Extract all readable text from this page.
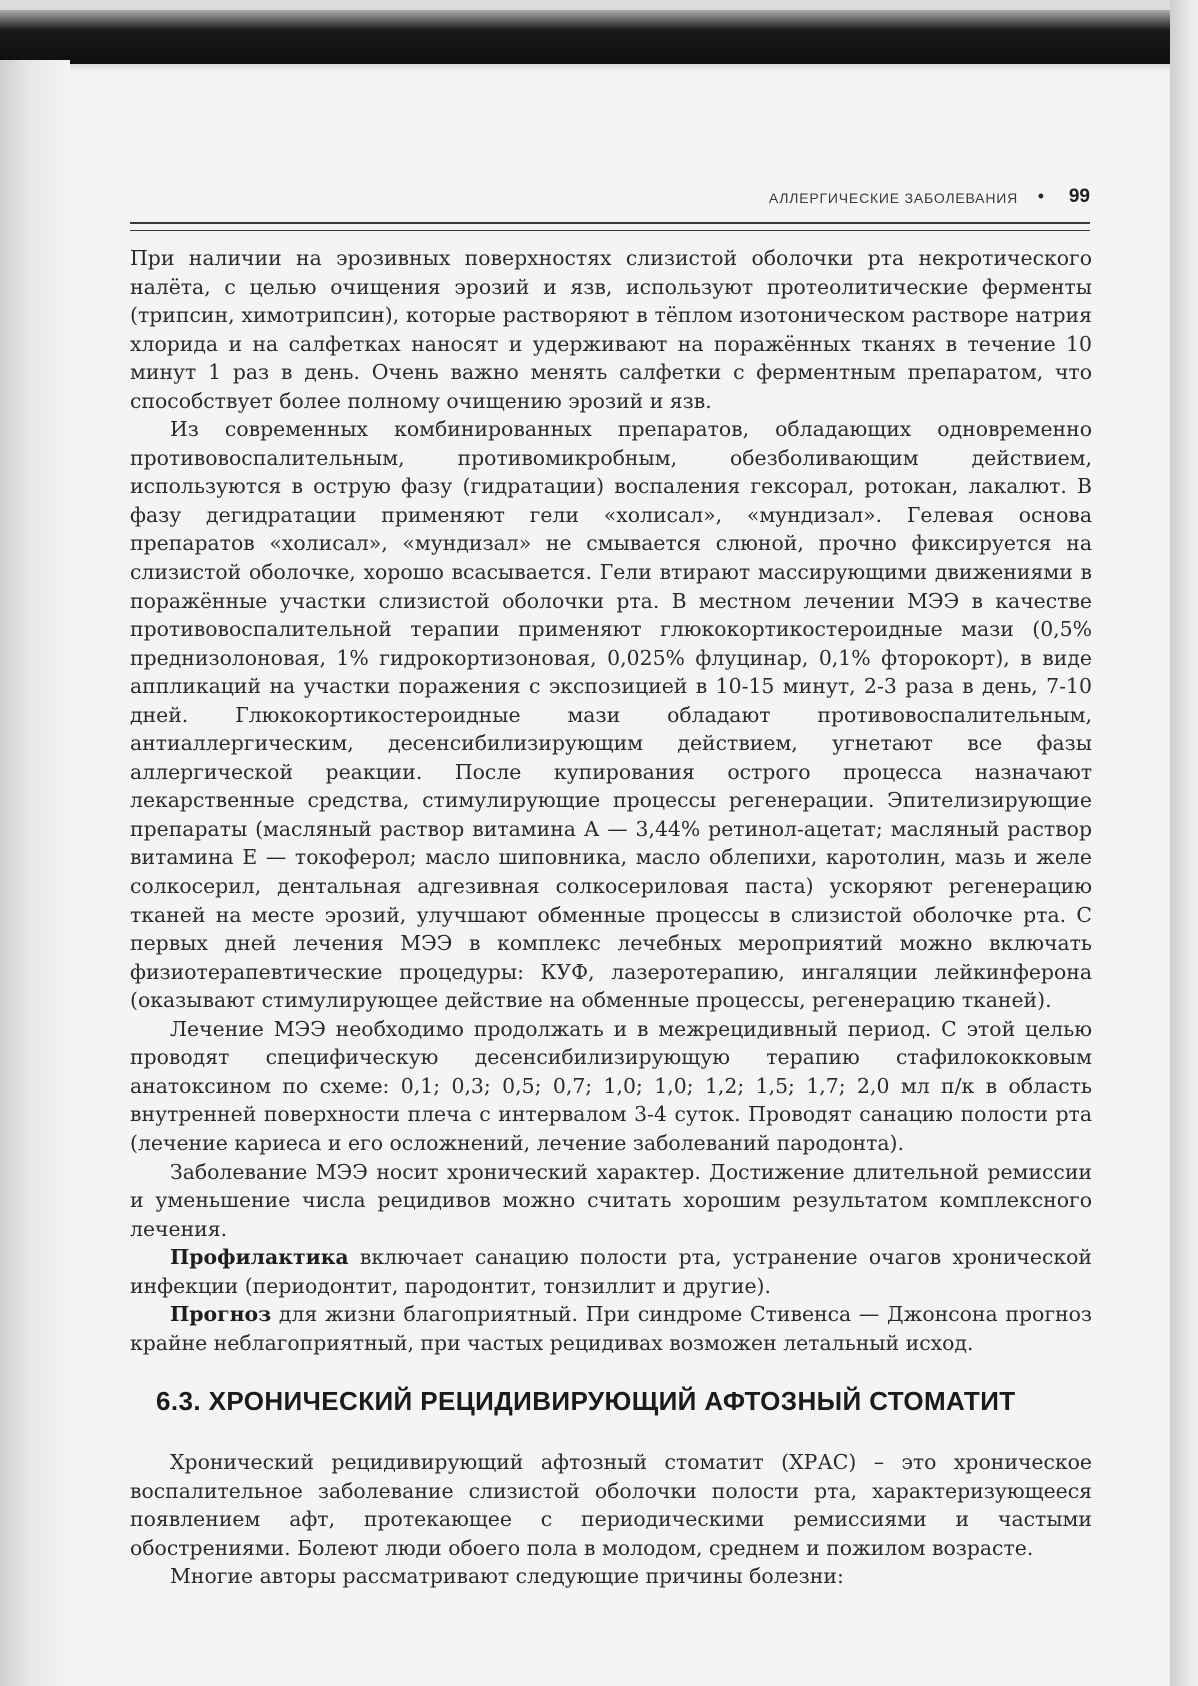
АЛЛЕРГИЧЕСКИЕ ЗАБОЛЕВАНИЯ • 99

При наличии на эрозивных поверхностях слизистой оболочки рта некротического налёта, с целью очищения эрозий и язв, используют протеолитические ферменты (трипсин, химотрипсин), которые растворяют в тёплом изотоническом растворе натрия хлорида и на салфетках наносят и удерживают на поражённых тканях в течение 10 минут 1 раз в день. Очень важно менять салфетки с ферментным препаратом, что способствует более полному очищению эрозий и язв.

Из современных комбинированных препаратов, обладающих одновременно противовоспалительным, противомикробным, обезболивающим действием, используются в острую фазу (гидратации) воспаления гексорал, ротокан, лакалют. В фазу дегидратации применяют гели «холисал», «мундизал». Гелевая основа препаратов «холисал», «мундизал» не смывается слюной, прочно фиксируется на слизистой оболочке, хорошо всасывается. Гели втирают массирующими движениями в поражённые участки слизистой оболочки рта. В местном лечении МЭЭ в качестве противовоспалительной терапии применяют глюкокортикостероидные мази (0,5% преднизолоновая, 1% гидрокортизоновая, 0,025% флуцинар, 0,1% фторокорт), в виде аппликаций на участки поражения с экспозицией в 10-15 минут, 2-3 раза в день, 7-10 дней. Глюкокортикостероидные мази обладают противовоспалительным, антиаллергическим, десенсибилизирующим действием, угнетают все фазы аллергической реакции. После купирования острого процесса назначают лекарственные средства, стимулирующие процессы регенерации. Эпителизирующие препараты (масляный раствор витамина А — 3,44% ретинол-ацетат; масляный раствор витамина Е — токоферол; масло шиповника, масло облепихи, каротолин, мазь и желе солкосерил, дентальная адгезивная солкосериловая паста) ускоряют регенерацию тканей на месте эрозий, улучшают обменные процессы в слизистой оболочке рта. С первых дней лечения МЭЭ в комплекс лечебных мероприятий можно включать физиотерапевтические процедуры: КУФ, лазеротерапию, ингаляции лейкинферона (оказывают стимулирующее действие на обменные процессы, регенерацию тканей).

Лечение МЭЭ необходимо продолжать и в межрецидивный период. С этой целью проводят специфическую десенсибилизирующую терапию стафилококковым анатоксином по схеме: 0,1; 0,3; 0,5; 0,7; 1,0; 1,0; 1,2; 1,5; 1,7; 2,0 мл п/к в область внутренней поверхности плеча с интервалом 3-4 суток. Проводят санацию полости рта (лечение кариеса и его осложнений, лечение заболеваний пародонта).

Заболевание МЭЭ носит хронический характер. Достижение длительной ремиссии и уменьшение числа рецидивов можно считать хорошим результатом комплексного лечения.

Профилактика включает санацию полости рта, устранение очагов хронической инфекции (периодонтит, пародонтит, тонзиллит и другие).

Прогноз для жизни благоприятный. При синдроме Стивенса — Джонсона прогноз крайне неблагоприятный, при частых рецидивах возможен летальный исход.

6.3. ХРОНИЧЕСКИЙ РЕЦИДИВИРУЮЩИЙ АФТОЗНЫЙ СТОМАТИТ

Хронический рецидивирующий афтозный стоматит (ХРАС) – это хроническое воспалительное заболевание слизистой оболочки полости рта, характеризующееся появлением афт, протекающее с периодическими ремиссиями и частыми обострениями. Болеют люди обоего пола в молодом, среднем и пожилом возрасте.

Многие авторы рассматривают следующие причины болезни:
